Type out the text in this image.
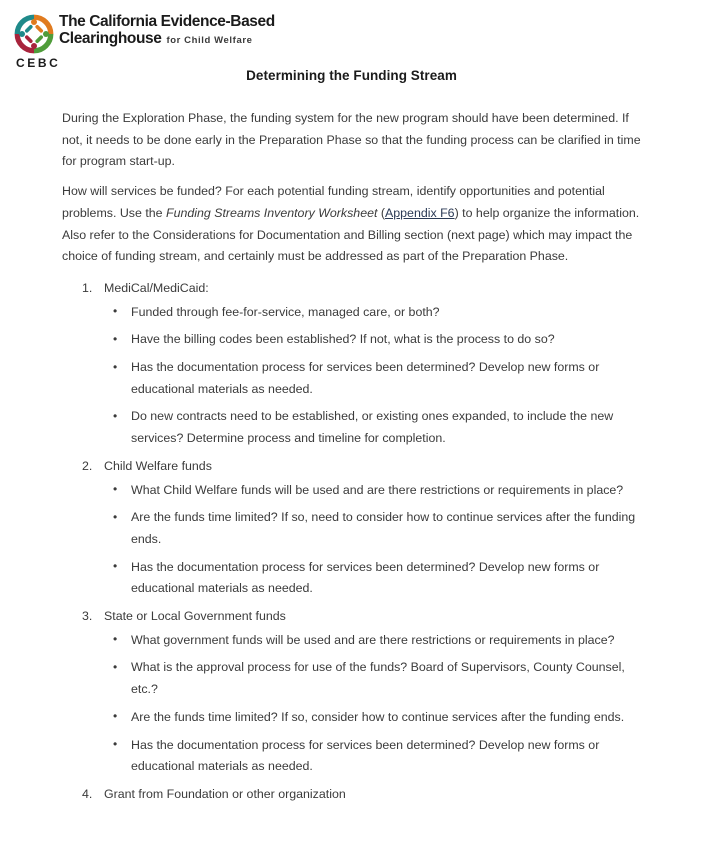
The California Evidence-Based
Clearinghouse for Child Welfare
CEBC
Determining the Funding Stream

During the Exploration Phase, the funding system for the new program should have been determined. If not, it needs to be done early in the Preparation Phase so that the funding process can be clarified in time for program start-up.

How will services be funded? For each potential funding stream, identify opportunities and potential problems. Use the Funding Streams Inventory Worksheet (Appendix F6) to help organize the information. Also refer to the Considerations for Documentation and Billing section (next page) which may impact the choice of funding stream, and certainly must be addressed as part of the Preparation Phase.

MediCal/MediCaid:
• Funded through fee-for-service, managed care, or both?
• Have the billing codes been established? If not, what is the process to do so?
• Has the documentation process for services been determined? Develop new forms or educational materials as needed.
• Do new contracts need to be established, or existing ones expanded, to include the new services? Determine process and timeline for completion.
Child Welfare funds
• What Child Welfare funds will be used and are there restrictions or requirements in place?
• Are the funds time limited? If so, need to consider how to continue services after the funding ends.
• Has the documentation process for services been determined? Develop new forms or educational materials as needed.
State or Local Government funds
• What government funds will be used and are there restrictions or requirements in place?
• What is the approval process for use of the funds? Board of Supervisors, County Counsel, etc.?
• Are the funds time limited? If so, consider how to continue services after the funding ends.
• Has the documentation process for services been determined? Develop new forms or educational materials as needed.
Grant from Foundation or other organization
